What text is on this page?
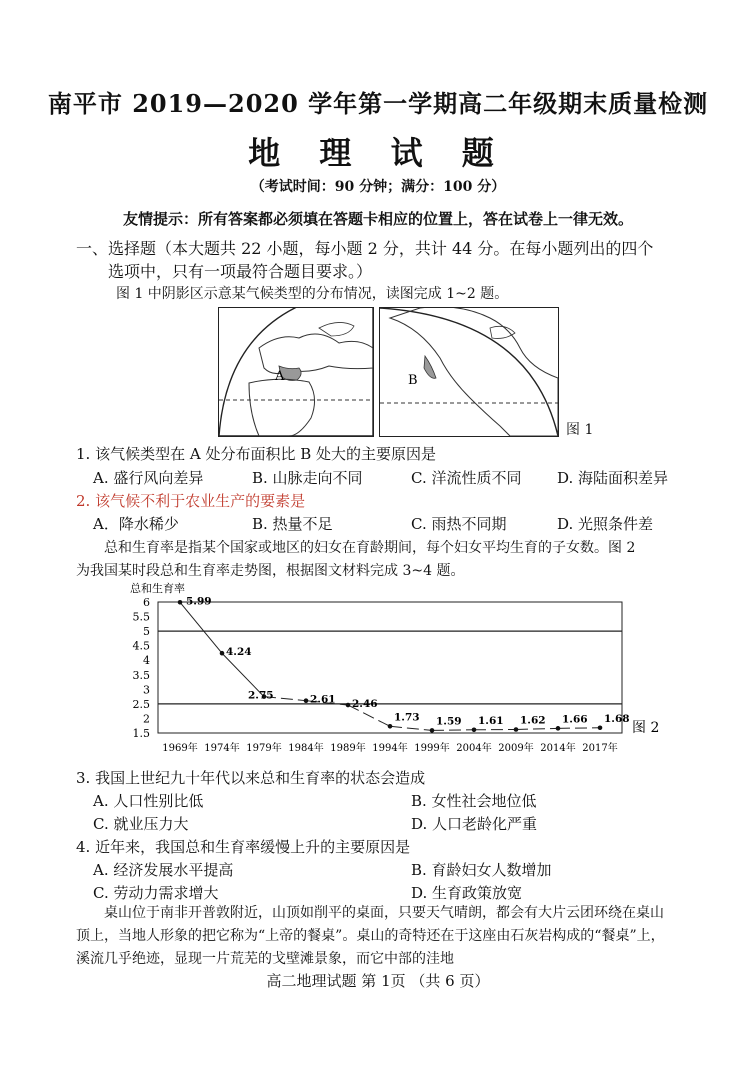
南平市 2019—2020 学年第一学期高二年级期末质量检测
地 理 试 题
（考试时间：90 分钟；满分：100 分）
友情提示：所有答案都必须填在答题卡相应的位置上，答在试卷上一律无效。
一、选择题（本大题共 22 小题，每小题 2 分，共计 44 分。在每小题列出的四个
选项中，只有一项最符合题目要求。）
图 1 中阴影区示意某气候类型的分布情况，读图完成 1~2 题。
A	B
图 1
1. 该气候类型在 A 处分布面积比 B 处大的主要原因是
A. 盛行风向差异	B. 山脉走向不同	C. 洋流性质不同 D. 海陆面积差异
2. 该气候不利于农业生产的要素是
A．降水稀少	B. 热量不足	C. 雨热不同期	D. 光照条件差
总和生育率是指某个国家或地区的妇女在育龄期间，每个妇女平均生育的子女数。图 2
为我国某时段总和生育率走势图，根据图文材料完成 3~4 题。
总和生育率
6
5.5
5
4.5
4
3.5
3
2.5
2
1.5
1969年 1974年 1979年 1984年 1989年 1994年 1999年 2004年 2009年 2014年 2017年
5.99
4.24
2.75	2.61 2.46
1.73 1.59 1.61 1.62 1.66 1.68
图 2
3. 我国上世纪九十年代以来总和生育率的状态会造成
A. 人口性别比低	B. 女性社会地位低
C. 就业压力大	D. 人口老龄化严重
4. 近年来，我国总和生育率缓慢上升的主要原因是
A. 经济发展水平提高	B. 育龄妇女人数增加
C. 劳动力需求增大	D. 生育政策放宽
桌山位于南非开普敦附近，山顶如削平的桌面，只要天气晴朗，都会有大片云团环绕在桌山顶上，当地人形象的把它称为“上帝的餐桌”。桌山的奇特还在于这座由石灰岩构成的“餐桌”上，溪流几乎绝迹，显现一片荒芜的戈壁滩景象，而它中部的洼地
高二地理试题 第 1页 （共 6 页）
